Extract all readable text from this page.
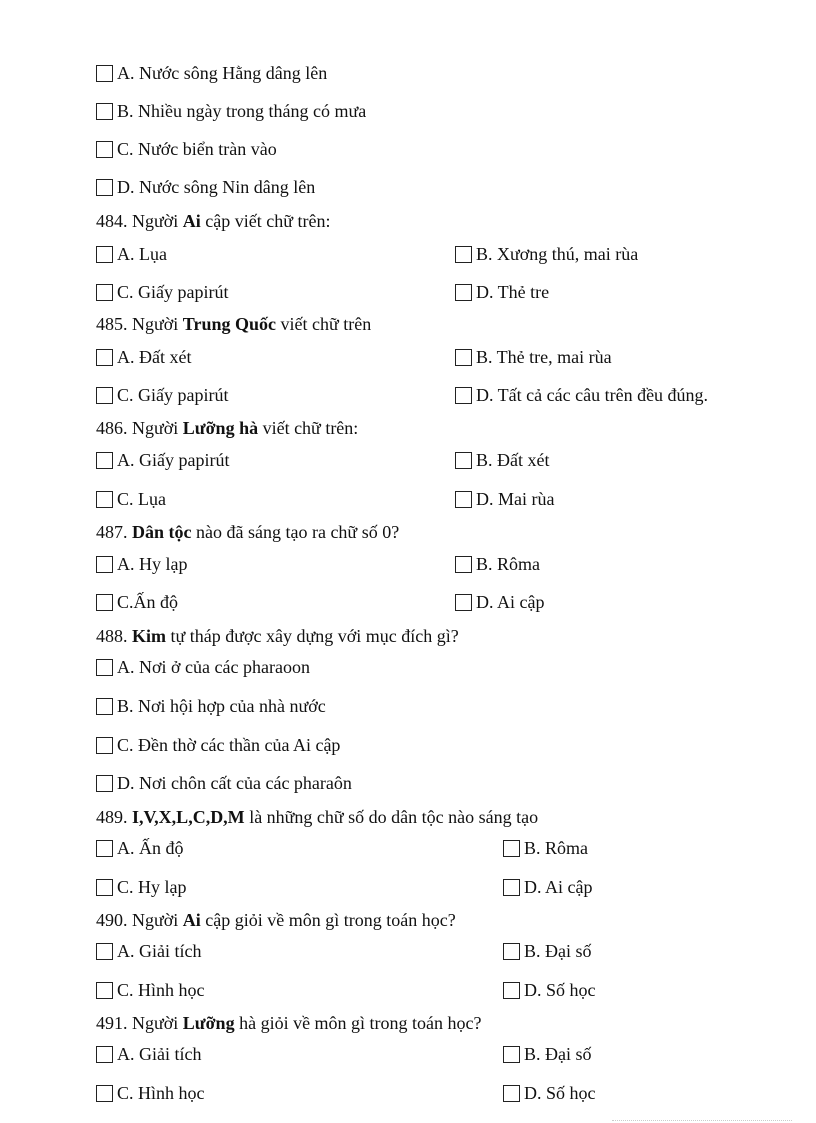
A. Nước sông Hằng dâng lên
B. Nhiều ngày trong tháng có mưa
C. Nước biển tràn vào
D. Nước sông Nin dâng lên
484. Người Ai cập viết chữ trên:
A. Lụa	B. Xương thú, mai rùa
C. Giấy papirút	D. Thẻ tre
485. Người Trung Quốc viết chữ trên
A. Đất xét	B. Thẻ tre, mai rùa
C. Giấy papirút	D. Tất cả các câu trên đều đúng.
486. Người Lưỡng hà viết chữ trên:
A. Giấy papirút	B. Đất xét
C. Lụa	D. Mai rùa
487. Dân tộc nào đã sáng tạo ra chữ số 0?
A. Hy lạp	B. Rôma
C.Ấn độ	D. Ai cập
488. Kim tự tháp được xây dựng với mục đích gì?
A. Nơi ở của các pharaoon
B. Nơi hội hợp của nhà nước
C. Đền thờ các thần của Ai cập
D. Nơi chôn cất của các pharaôn
489. I,V,X,L,C,D,M là những chữ số do dân tộc nào sáng tạo
A. Ấn độ	B. Rôma
C. Hy lạp	D. Ai cập
490. Người Ai cập giỏi về môn gì trong toán học?
A. Giải tích	B. Đại số
C. Hình học	D. Số học
491. Người Lưỡng hà giỏi về môn gì trong toán học?
A. Giải tích	B. Đại số
C. Hình học	D. Số học
